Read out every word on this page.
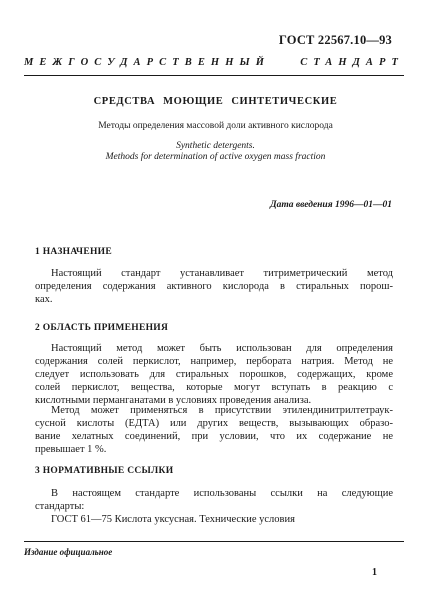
ГОСТ 22567.10—93
МЕЖГОСУДАРСТВЕННЫЙ	СТАНДАРТ
СРЕДСТВА МОЮЩИЕ СИНТЕТИЧЕСКИЕ
Методы определения массовой доли активного кислорода
Synthetic detergents.
Methods for determination of active oxygen mass fraction
Дата введения 1996—01—01
1 НАЗНАЧЕНИЕ
Настоящий стандарт устанавливает титриметрический метод
определения содержания активного кислорода в стиральных порош-
ках.
2 ОБЛАСТЬ ПРИМЕНЕНИЯ
Настоящий метод может быть использован для определения
содержания солей перкислот, например, пербората натрия. Метод не
следует использовать для стиральных порошков, содержащих, кроме
солей перкислот, вещества, которые могут вступать в реакцию с
кислотными перманганатами в условиях проведения анализа.
Метод может применяться в присутствии этилендинитрилтетраук-
сусной кислоты (ЕДТА) или других веществ, вызывающих образо-
вание хелатных соединений, при условии, что их содержание не
превышает 1 %.
3 НОРМАТИВНЫЕ ССЫЛКИ
В настоящем стандарте использованы ссылки на следующие
стандарты:
ГОСТ 61—75 Кислота уксусная. Технические условия
Издание официальное
1
